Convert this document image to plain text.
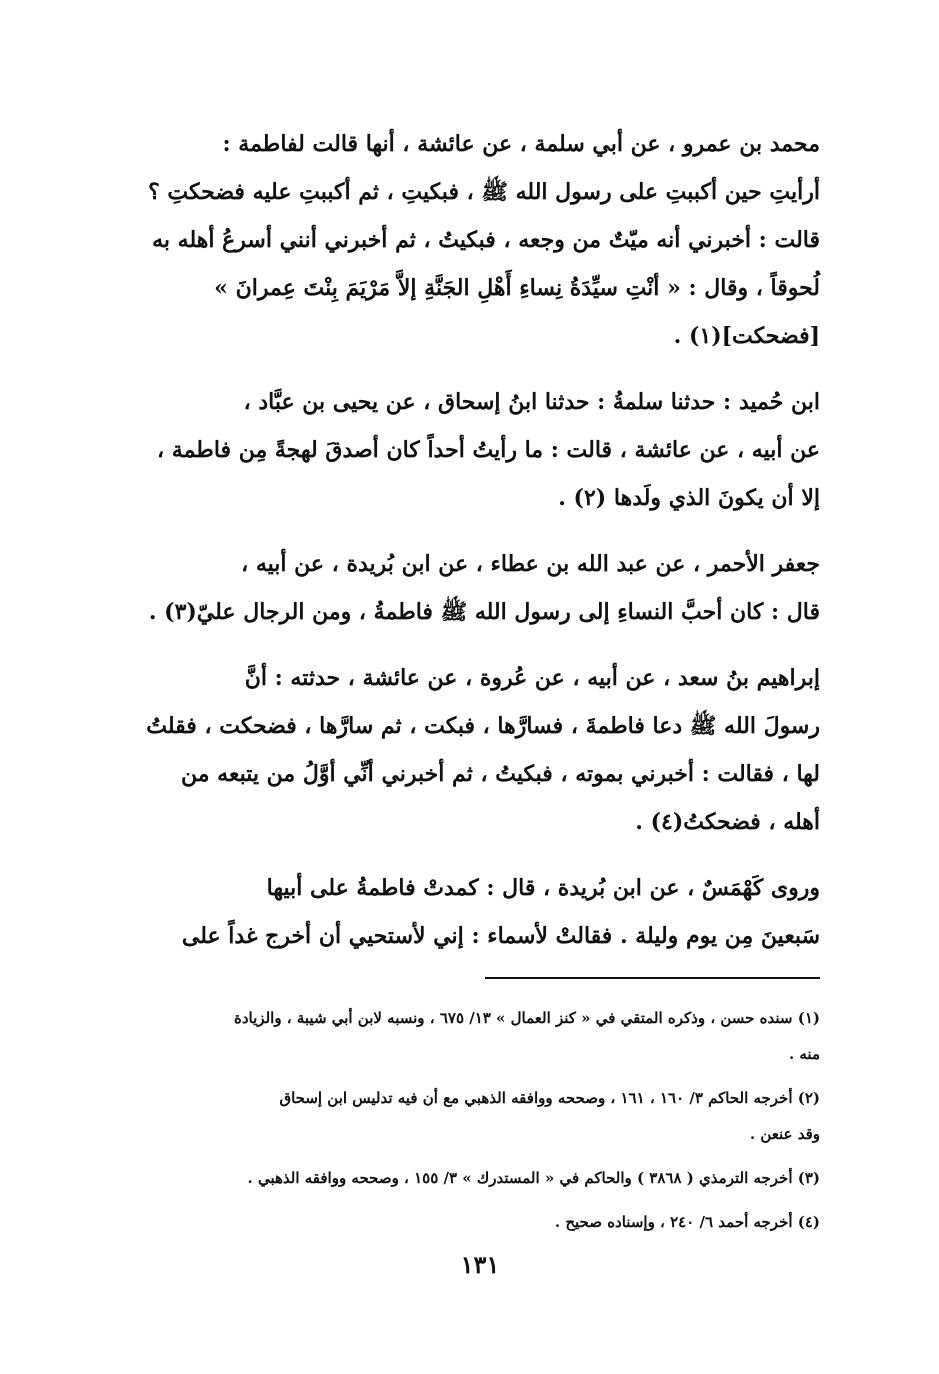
محمد بن عمرو ، عن أبي سلمة ، عن عائشة ، أنها قالت لفاطمة :
أرأيتِ حين أكببتِ على رسول الله ﷺ ، فبكيتِ ، ثم أكببتِ عليه فضحكتِ ؟
قالت : أخبرني أنه ميّتٌ من وجعه ، فبكيتُ ، ثم أخبرني أنني أسرعُ أهله به
لُحوقاً ، وقال : « أنْتِ سيِّدَةُ نِساءِ أَهْلِ الجَنَّةِ إلاَّ مَرْيَمَ بِنْتَ عِمرانَ »
[فضحكت](١) .
ابن حُميد : حدثنا سلمةُ : حدثنا ابنُ إسحاق ، عن يحيى بن عبَّاد ،
عن أبيه ، عن عائشة ، قالت : ما رأيتُ أحداً كان أصدقَ لهجةً مِن فاطمة ،
إلا أن يكونَ الذي ولَدها (٢) .
جعفر الأحمر ، عن عبد الله بن عطاء ، عن ابن بُريدة ، عن أبيه ،
قال : كان أحبَّ النساءِ إلى رسول الله ﷺ فاطمةُ ، ومن الرجال عليّ(٣) .
إبراهيم بنُ سعد ، عن أبيه ، عن عُروة ، عن عائشة ، حدثته : أنَّ
رسولَ الله ﷺ دعا فاطمةَ ، فسارَّها ، فبكت ، ثم سارَّها ، فضحكت ، فقلتُ
لها ، فقالت : أخبرني بموته ، فبكيتُ ، ثم أخبرني أنِّي أوَّلُ من يتبعه من
أهله ، فضحكتُ(٤) .
وروى كَهْمَسٌ ، عن ابن بُريدة ، قال : كمدتْ فاطمةُ على أبيها
سَبعينَ مِن يوم وليلة . فقالتْ لأسماء : إني لأستحيي أن أخرج غداً على
(١) سنده حسن ، وذكره المتقي في « كنز العمال » ١٣/ ٦٧٥ ، ونسبه لابن أبي شيبة ، والزيادة
منه .
(٢) أخرجه الحاكم ٣/ ١٦٠ ، ١٦١ ، وصححه ووافقه الذهبي مع أن فيه تدليس ابن إسحاق
وقد عنعن .
(٣) أخرجه الترمذي ( ٣٨٦٨ ) والحاكم في « المستدرك » ٣/ ١٥٥ ، وصححه ووافقه الذهبي .
(٤) أخرجه أحمد ٦/ ٢٤٠ ، وإسناده صحيح .
١٣١
